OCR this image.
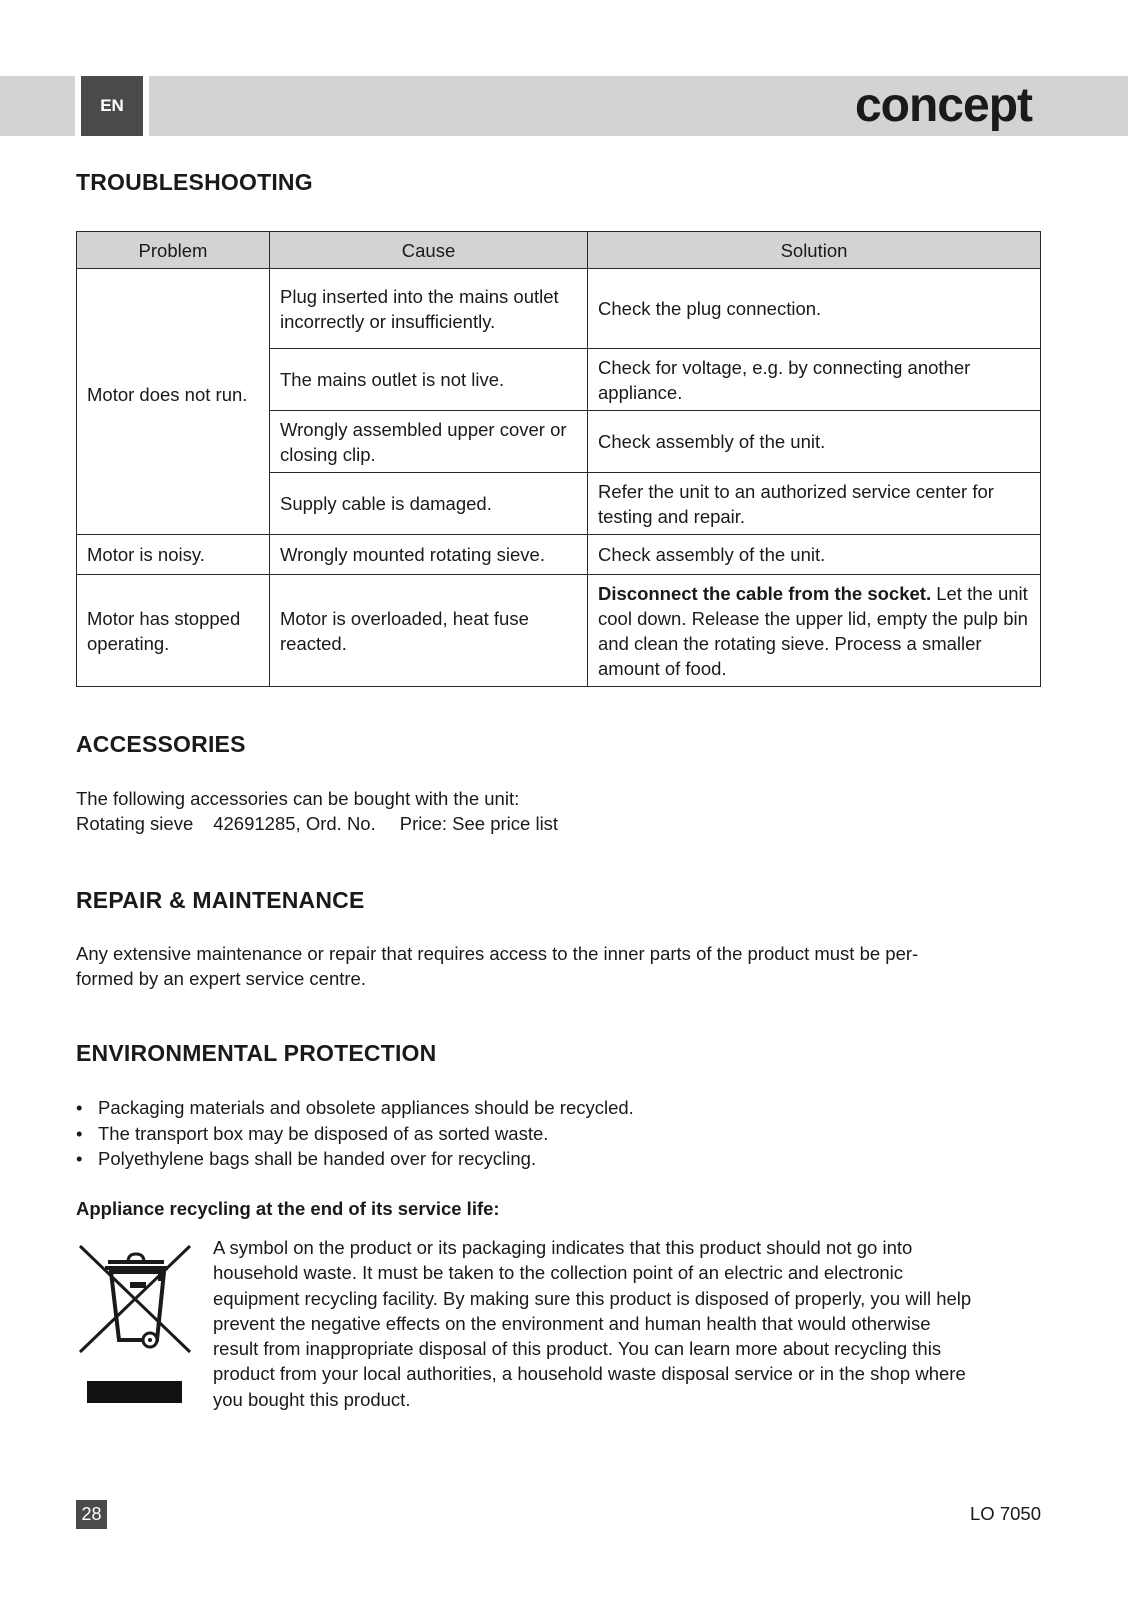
EN	concept
TROUBLESHOOTING
Problem	Cause	Solution
Motor does not run.	Plug inserted into the mains outlet incorrectly or insufficiently.	Check the plug connection.
	The mains outlet is not live.	Check for voltage, e.g. by connecting another appliance.
	Wrongly assembled upper cover or closing clip.	Check assembly of the unit.
	Supply cable is damaged.	Refer the unit to an authorized service center for testing and repair.
Motor is noisy.	Wrongly mounted rotating sieve.	Check assembly of the unit.
Motor has stopped operating.	Motor is overloaded, heat fuse reacted.	Disconnect the cable from the socket. Let the unit cool down. Release the upper lid, empty the pulp bin and clean the rotating sieve. Process a smaller amount of food.
ACCESSORIES

The following accessories can be bought with the unit:

Rotating sieve 42691285, Ord. No. Price: See price list

REPAIR & MAINTENANCE

Any extensive maintenance or repair that requires access to the inner parts of the product must be per-

formed by an expert service centre.

ENVIRONMENTAL PROTECTION
• Packaging materials and obsolete appliances should be recycled.
• The transport box may be disposed of as sorted waste.
• Polyethylene bags shall be handed over for recycling.

Appliance recycling at the end of its service life:

A symbol on the product or its packaging indicates that this product should not go into
household waste. It must be taken to the collection point of an electric and electronic
equipment recycling facility. By making sure this product is disposed of properly, you will help
prevent the negative effects on the environment and human health that would otherwise
result from inappropriate disposal of this product. You can learn more about recycling this
product from your local authorities, a household waste disposal service or in the shop where
you bought this product.
28	LO 7050
